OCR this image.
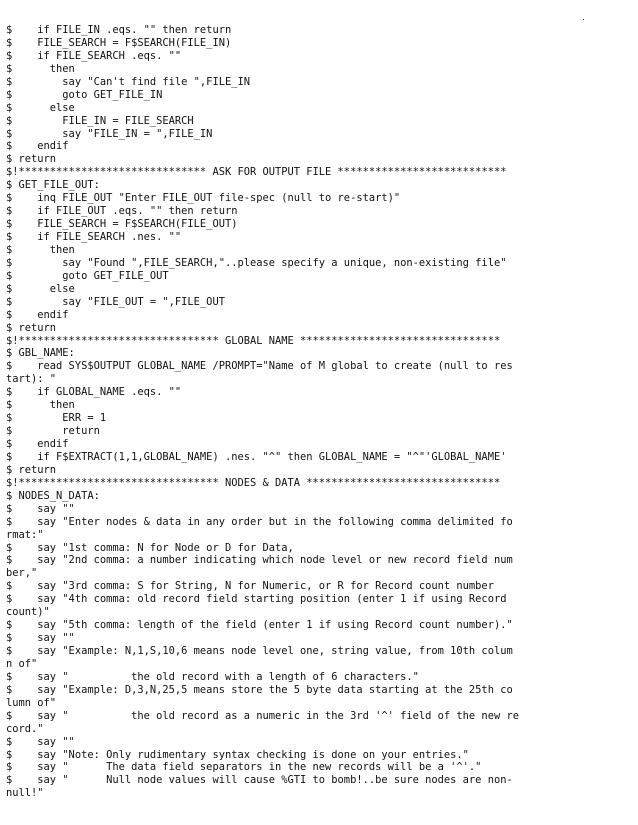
$    if FILE_IN .eqs. "" then return
$    FILE_SEARCH = F$SEARCH(FILE_IN)
$    if FILE_SEARCH .eqs. ""
$      then
$        say "Can't find file ",FILE_IN
$        goto GET_FILE_IN
$      else
$        FILE_IN = FILE_SEARCH
$        say "FILE_IN = ",FILE_IN
$    endif
$ return
$!****************************** ASK FOR OUTPUT FILE ***************************
$ GET_FILE_OUT:
$    inq FILE_OUT "Enter FILE_OUT file-spec (null to re-start)"
$    if FILE_OUT .eqs. "" then return
$    FILE_SEARCH = F$SEARCH(FILE_OUT)
$    if FILE_SEARCH .nes. ""
$      then
$        say "Found ",FILE_SEARCH,"..please specify a unique, non-existing file"
$        goto GET_FILE_OUT
$      else
$        say "FILE_OUT = ",FILE_OUT
$    endif
$ return
$!******************************** GLOBAL NAME ********************************
$ GBL_NAME:
$    read SYS$OUTPUT GLOBAL_NAME /PROMPT="Name of M global to create (null to res
tart): "
$    if GLOBAL_NAME .eqs. ""
$      then
$        ERR = 1
$        return
$    endif
$    if F$EXTRACT(1,1,GLOBAL_NAME) .nes. "^" then GLOBAL_NAME = "^"'GLOBAL_NAME'
$ return
$!******************************** NODES & DATA *******************************
$ NODES_N_DATA:
$    say ""
$    say "Enter nodes & data in any order but in the following comma delimited fo
rmat:"
$    say "1st comma: N for Node or D for Data,
$    say "2nd comma: a number indicating which node level or new record field num
ber,"
$    say "3rd comma: S for String, N for Numeric, or R for Record count number
$    say "4th comma: old record field starting position (enter 1 if using Record
count)"
$    say "5th comma: length of the field (enter 1 if using Record count number)."
$    say ""
$    say "Example: N,1,S,10,6 means node level one, string value, from 10th colum
n of"
$    say "          the old record with a length of 6 characters."
$    say "Example: D,3,N,25,5 means store the 5 byte data starting at the 25th co
lumn of"
$    say "          the old record as a numeric in the 3rd '^' field of the new re
cord."
$    say ""
$    say "Note: Only rudimentary syntax checking is done on your entries."
$    say "      The data field separators in the new records will be a '^'."
$    say "      Null node values will cause %GTI to bomb!..be sure nodes are non-
null!"
